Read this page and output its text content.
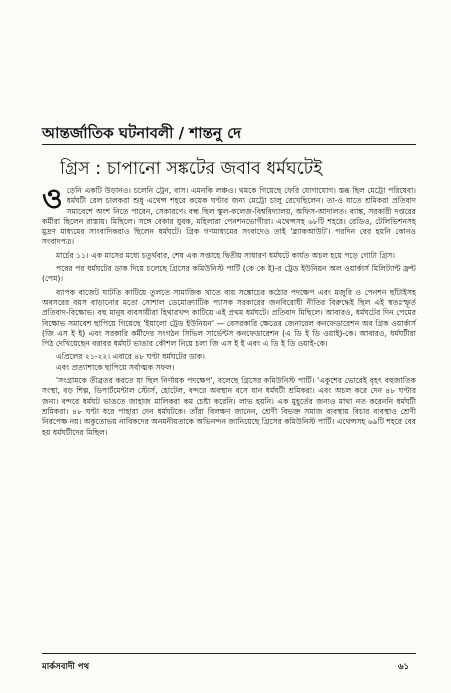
আন্তর্জাতিক ঘটনাবলী / শান্তনু দে
গ্রিস : চাপানো সঙ্কটের জবাব ধর্মঘটেই

ওড়েনি একটি উড়ানও। চলেনি ট্রেন, বাস। এমনকি লঞ্চও। থমকে গিয়েছে ফেরি যোগাযোগ। স্তব্ধ ছিল মেট্রো পরিষেবা। ধর্মঘটী রেল চালকরা শুধু এথেন্স শহরে কয়েক ঘণ্টার জন্য মেট্রো চালু রেখেছিলেন। তা-ও যাতে শ্রমিকরা প্রতিবাদ সমাবেশে অংশ নিতে পারেন, সেকারণে। বন্ধ ছিল স্কুল-কলেজ-বিশ্ববিদ্যালয়, অফিস-আদালত। ব্যাঙ্ক, সরকারী দপ্তরের কর্মীরা ছিলেন রাস্তায়। মিছিলে। সঙ্গে বেকার যুবক, মহিলারা পেনশনভোগীরা। এথেন্সসহ ৬৮টি শহরে। রেডিও, টেলিভিশনসহ মুদ্রণ মাধ্যমের সাংবাদিকরাও ছিলেন ধর্মঘটে। গ্রিক গণমাধ্যমের সংবাদেও তাই 'ব্ল্যাকআউট'। পরদিন বের হয়নি কোনও সংবাদপত্র।

মার্চের ১১। এক মাসের মধ্যে চতুর্থবার, শেষ এক সপ্তাহে দ্বিতীয় সাধারণ ধর্মঘটে কার্যত অচল হয়ে পড়ে গোটা গ্রিস।

পরের পর ধর্মঘটের ডাক দিয়ে চলেছে গ্রিসের কমিউনিস্ট পার্টি (কে কে ই)-র ট্রেড ইউনিয়ন অল ওয়ার্কার্স মিলিট্যান্ট ফ্রন্ট (পেম)।

ব্যাপক বাজেট ঘাটতি কাটিয়ে তুলতে সামাজিক খাতে ব্যয় সঙ্কোচের কঠোর পদক্ষেপ এবং মজুরি ও পেনশন ছাঁটাইসহ অবসরের বয়স বাড়ানোর মতো সোশাল ডেমোক্র্যাটিক প্যাসক সরকারের জনবিরোধী নীতির বিরুদ্ধেই ছিল এই স্বতঃস্ফূর্ত প্রতিবাদ-বিক্ষোভ। বহু মানুষ ব্যবসায়ীরা হিথারখন্দ কাটিয়ে এই প্রথম ধর্মঘটে। প্রতিবাদ মিছিলে। আবারও, ধর্মঘটের দিন পেমের বিক্ষোভ সমাবেশ ছাপিয়ে গিয়েছে 'ইয়ালো ট্রেড ইউনিয়ন' — বেসরকারি ক্ষেত্রের জেনারেল কনফেডারেশন অব গ্রিক ওয়ার্কার্স (জি এস ই ই) এবং সরকারি কর্মীদের সংগঠন সিভিল সার্ভেন্টস কনফেডারেশন (এ ডি ই ডি ওয়াই)-কে। আবারও, ধর্মঘটীরা পিঠ দেখিয়েছেন বরাবর ধর্মঘট ভাঙার কৌশল নিয়ে চলা জি এস ই ই এবং এ ডি ই ডি ওয়াই-কে।

এপ্রিলের ২১-২২। এবারে ৪৮ ঘণ্টা ধর্মঘটের ডাক।

এবং প্রত্যাশাকে ছাপিয়ে সর্বাত্মক সফল।

'সংগ্রামকে তীব্রতর করতে যা ছিল নির্ণায়ক পদক্ষেপ', বলেছে গ্রিসের কমিউনিস্ট পার্টি। 'একুশের ভোরেই বৃহৎ বহুজাতিক সংস্থা, বড় শিল্প, ডিপার্টমেন্টাল স্টোর্স, হোটেল, বন্দরে অবস্থান বসে যান ধর্মঘটী শ্রমিকরা। এবং অচল করে দেন ৪৮ ঘণ্টার জন্য। বন্দরে ধর্মঘট ভাঙতে জাহাজ মালিকরা কম চেষ্টা করেনি। লাভ হয়নি। এক মুহূর্তের জন্যও মাথা নত করেননি ধর্মঘটী শ্রমিকরা। ৪৮ ঘণ্টা ধরে পাহারা দেন ধর্মঘটকে। তাঁরা বিলক্ষণ জানেন, শ্রেণী বিভক্ত সমাজ ব্যবস্থায় বিচার ব্যবস্থাও শ্রেণী নিরপেক্ষ নয়। অকুতোভয় নাবিকদের অনমনীয়তাকে অভিনন্দন জানিয়েছে গ্রিসের কমিউনিস্ট পার্টি। এথেন্সসহ ৬৯টি শহরে বের হয় ধর্মঘটীদের মিছিল।

মার্কসবাদী পথ	৬১
